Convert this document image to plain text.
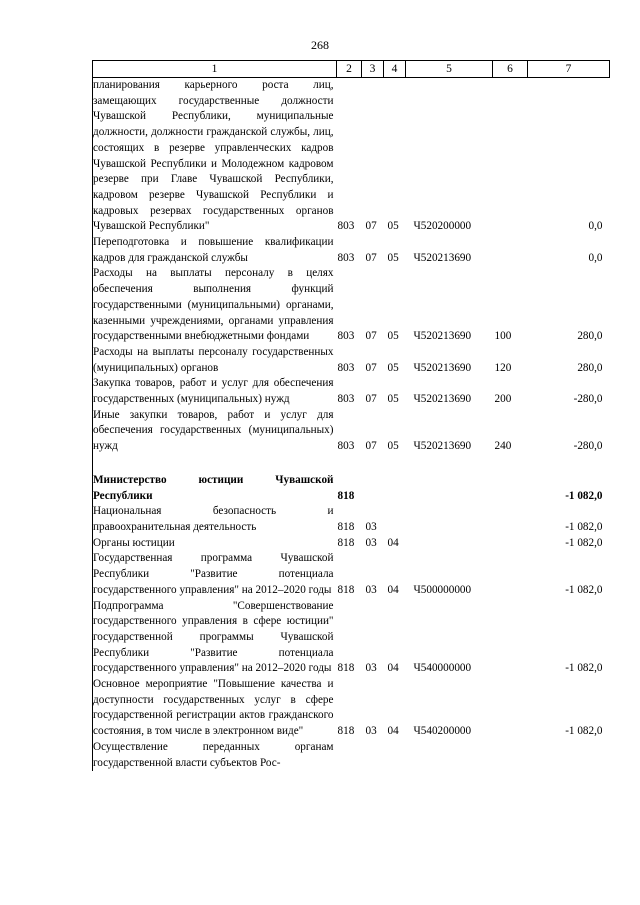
268
1	2	3	4	5	6	7
планирования карьерного роста лиц, замещающих государственные должности Чувашской Республики, муниципальные должности, должности гражданской службы, лиц, состоящих в резерве управленческих кадров Чувашской Республики и Молодежном кадровом резерве при Главе Чувашской Республики, кадровом резерве Чувашской Республики и кадровых резервах государственных органов Чувашской Республики"	803	07	05	Ч520200000		0,0
Переподготовка и повышение квалификации кадров для гражданской службы	803	07	05	Ч520213690		0,0
Расходы на выплаты персоналу в целях обеспечения выполнения функций государственными (муниципальными) органами, казенными учреждениями, органами управления государственными внебюджетными фондами	803	07	05	Ч520213690	100	280,0
Расходы на выплаты персоналу государственных (муниципальных) органов	803	07	05	Ч520213690	120	280,0
Закупка товаров, работ и услуг для обеспечения государственных (муниципальных) нужд	803	07	05	Ч520213690	200	-280,0
Иные закупки товаров, работ и услуг для обеспечения государственных (муниципальных) нужд	803	07	05	Ч520213690	240	-280,0

Министерство юстиции Чувашской Республики	818					-1 082,0
Национальная безопасность и правоохранительная деятельность	818	03				-1 082,0
Органы юстиции	818	03	04			-1 082,0
Государственная программа Чувашской Республики "Развитие потенциала государственного управления" на 2012–2020 годы	818	03	04	Ч500000000		-1 082,0
Подпрограмма "Совершенствование государственного управления в сфере юстиции" государственной программы Чувашской Республики "Развитие потенциала государственного управления" на 2012–2020 годы	818	03	04	Ч540000000		-1 082,0
Основное мероприятие "Повышение качества и доступности государственных услуг в сфере государственной регистрации актов гражданского состояния, в том числе в электронном виде"	818	03	04	Ч540200000		-1 082,0
Осуществление переданных органам государственной власти субъектов Рос-						
